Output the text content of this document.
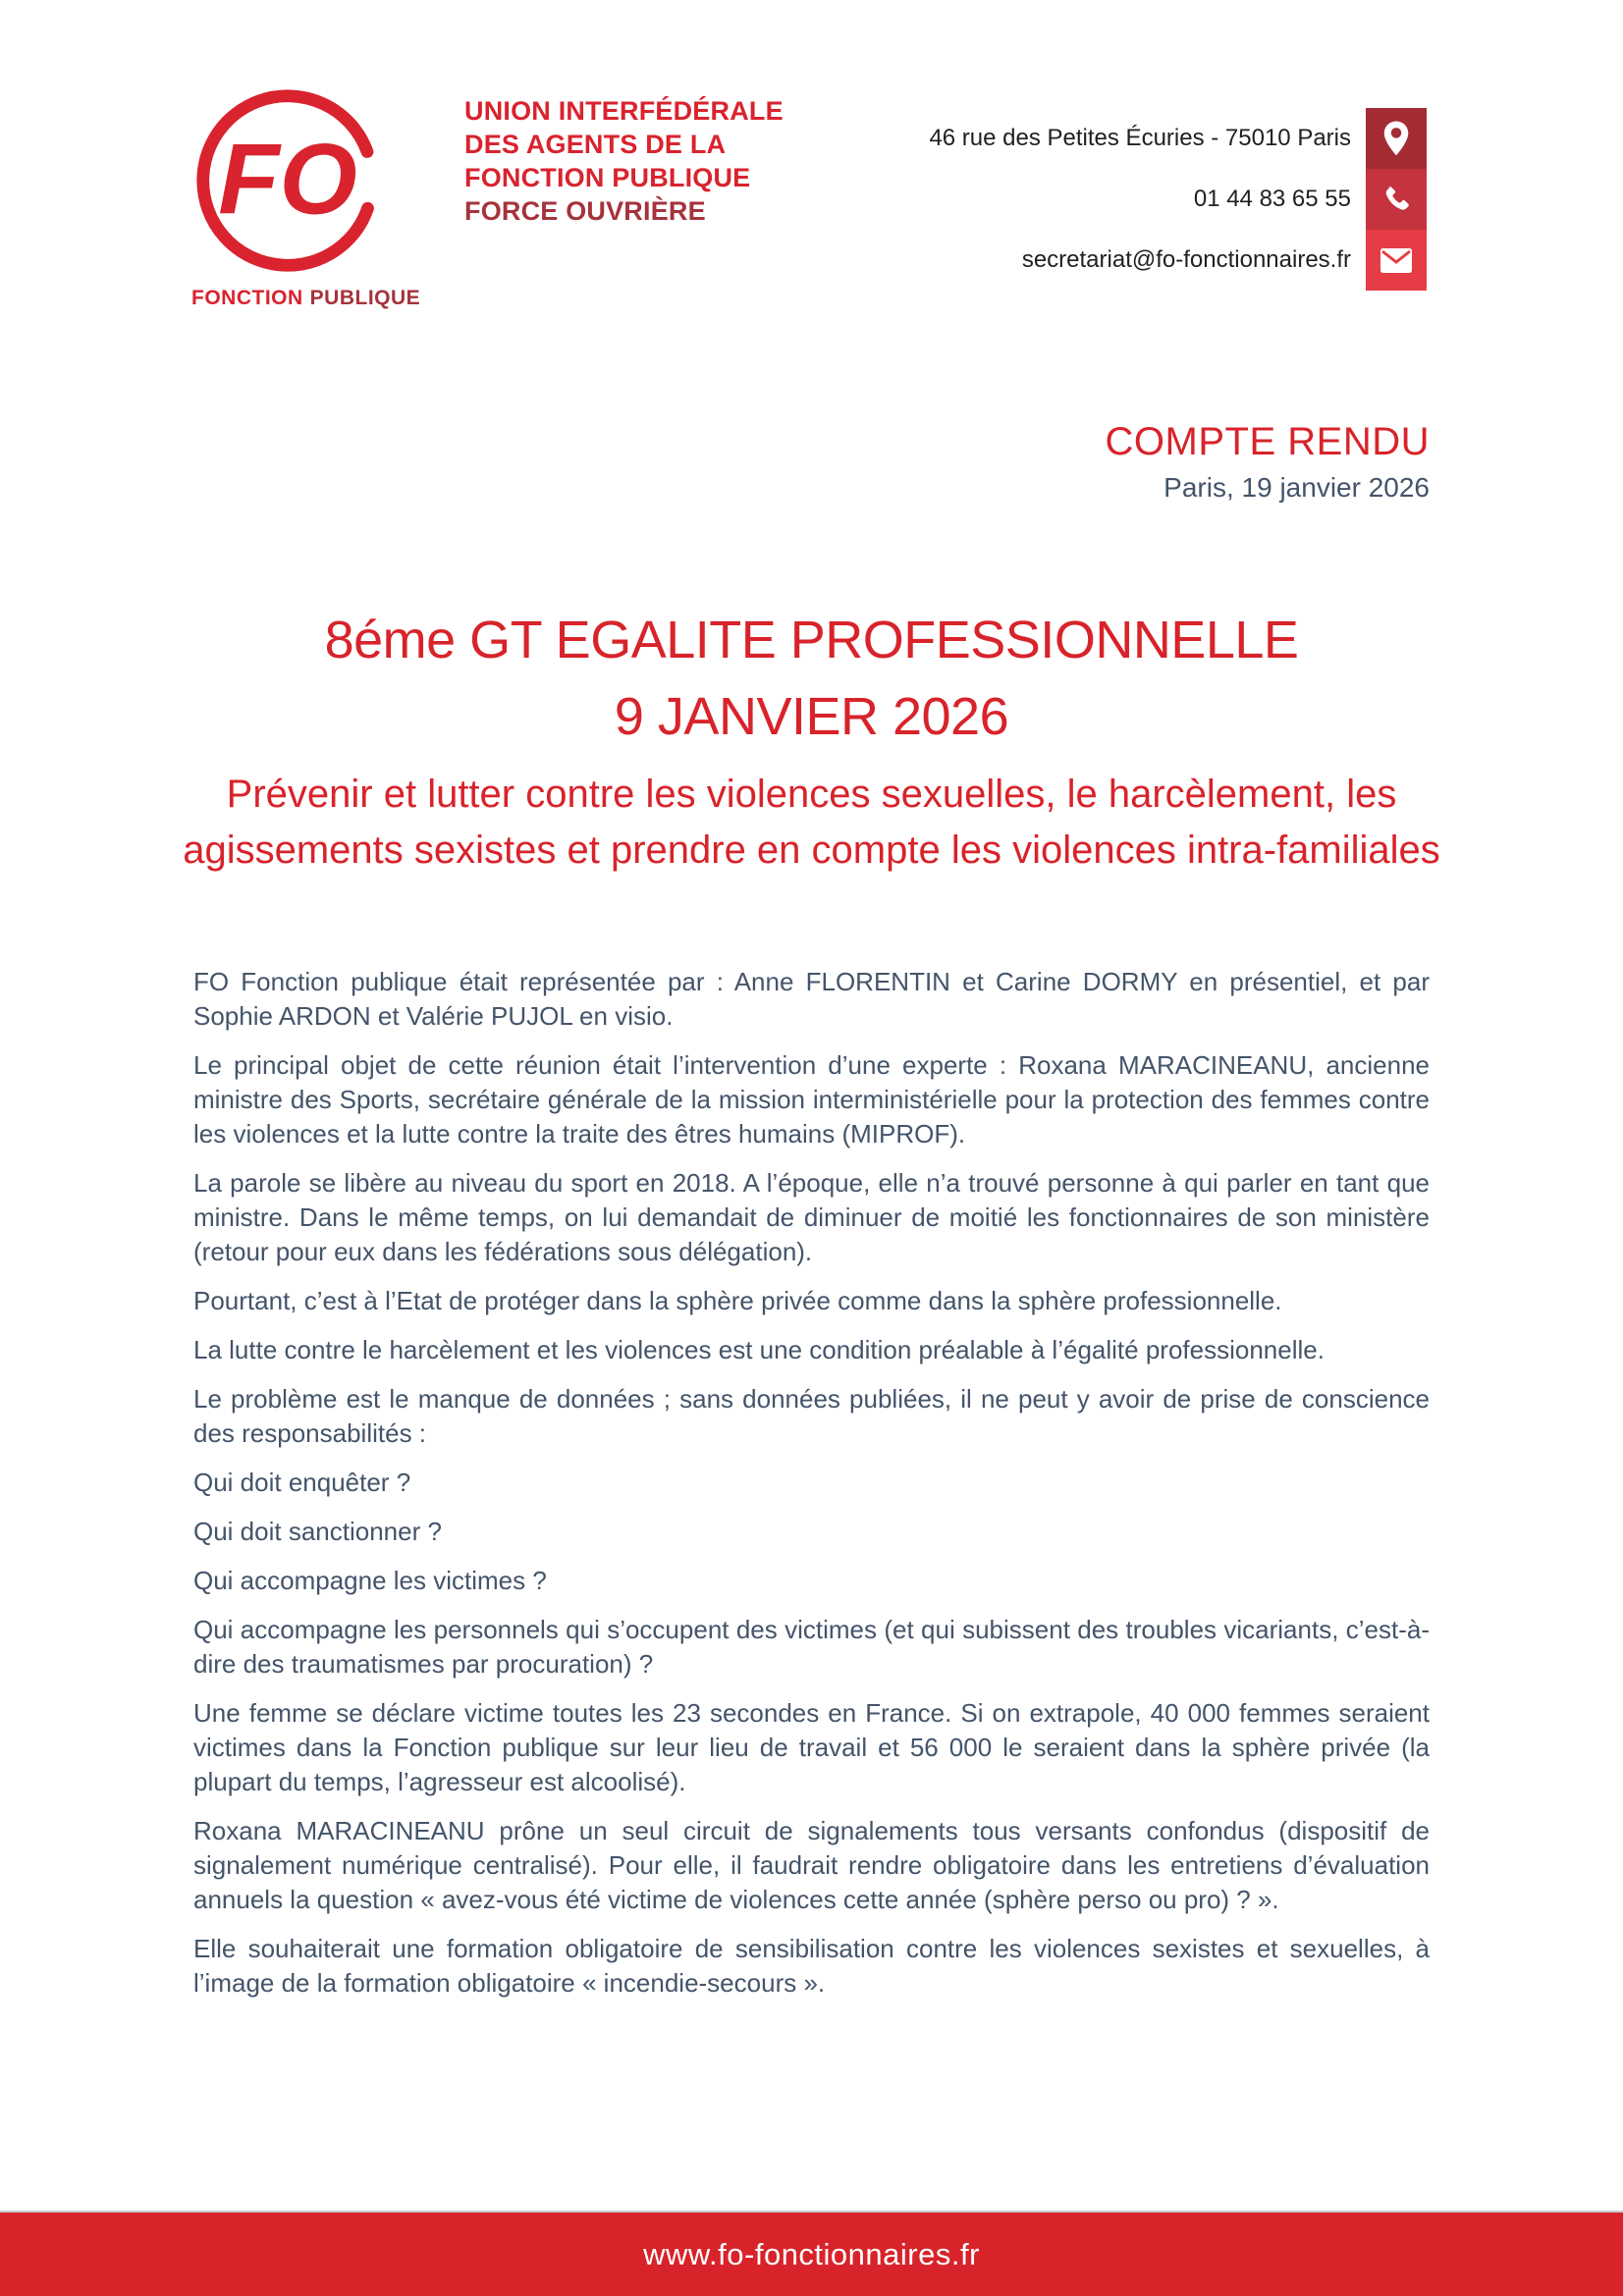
FO
FONCTION PUBLIQUE
UNION INTERFÉDÉRALE
DES AGENTS DE LA
FONCTION PUBLIQUE
FORCE OUVRIÈRE
46 rue des Petites Écuries - 75010 Paris
01 44 83 65 55
secretariat@fo-fonctionnaires.fr
COMPTE RENDU
Paris, 19 janvier 2026
8éme GT EGALITE PROFESSIONNELLE
9 JANVIER 2026
Prévenir et lutter contre les violences sexuelles, le harcèlement, les agissements sexistes et prendre en compte les violences intra-familiales

FO Fonction publique était représentée par : Anne FLORENTIN et Carine DORMY en présentiel, et par Sophie ARDON et Valérie PUJOL en visio.

Le principal objet de cette réunion était l’intervention d’une experte : Roxana MARACINEANU, ancienne ministre des Sports, secrétaire générale de la mission interministérielle pour la protection des femmes contre les violences et la lutte contre la traite des êtres humains (MIPROF).

La parole se libère au niveau du sport en 2018. A l’époque, elle n’a trouvé personne à qui parler en tant que ministre. Dans le même temps, on lui demandait de diminuer de moitié les fonctionnaires de son ministère (retour pour eux dans les fédérations sous délégation).

Pourtant, c’est à l’Etat de protéger dans la sphère privée comme dans la sphère professionnelle.

La lutte contre le harcèlement et les violences est une condition préalable à l’égalité professionnelle.

Le problème est le manque de données ; sans données publiées, il ne peut y avoir de prise de conscience des responsabilités :

Qui doit enquêter ?

Qui doit sanctionner ?

Qui accompagne les victimes ?

Qui accompagne les personnels qui s’occupent des victimes (et qui subissent des troubles vicariants, c’est-à-dire des traumatismes par procuration) ?

Une femme se déclare victime toutes les 23 secondes en France. Si on extrapole, 40 000 femmes seraient victimes dans la Fonction publique sur leur lieu de travail et 56 000 le seraient dans la sphère privée (la plupart du temps, l’agresseur est alcoolisé).

Roxana MARACINEANU prône un seul circuit de signalements tous versants confondus (dispositif de signalement numérique centralisé). Pour elle, il faudrait rendre obligatoire dans les entretiens d’évaluation annuels la question « avez-vous été victime de violences cette année (sphère perso ou pro) ? ».

Elle souhaiterait une formation obligatoire de sensibilisation contre les violences sexistes et sexuelles, à l’image de la formation obligatoire « incendie-secours ».

www.fo-fonctionnaires.fr
